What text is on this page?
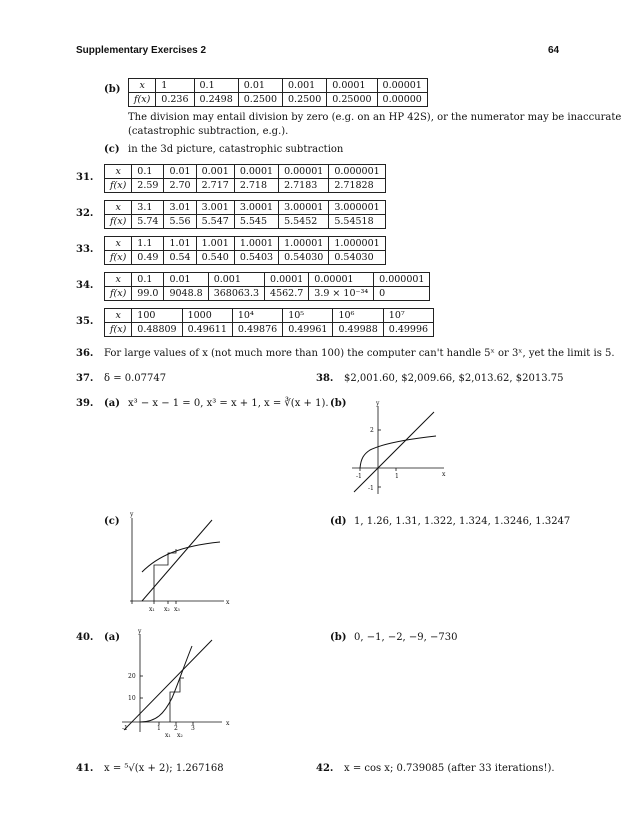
Supplementary Exercises 2	64
(b) x	1	0.1	0.01	0.001	0.0001	0.00001
f(x)	0.236	0.2498	0.2500	0.2500	0.25000	0.00000
The division may entail division by zero (e.g. on an HP 42S), or the numerator may be inaccurate
(catastrophic subtraction, e.g.).
(c) in the 3d picture, catastrophic subtraction
31.
x	0.1	0.01	0.001	0.0001	0.00001	0.000001
f(x)	2.59	2.70	2.717	2.718	2.7183	2.71828
32.
x	3.1	3.01	3.001	3.0001	3.00001	3.000001
f(x)	5.74	5.56	5.547	5.545	5.5452	5.54518
33.
x	1.1	1.01	1.001	1.0001	1.00001	1.000001
f(x)	0.49	0.54	0.540	0.5403	0.54030	0.54030
34.
x	0.1	0.01	0.001	0.0001	0.00001	0.000001
f(x)	99.0	9048.8	368063.3	4562.7	3.9 × 10⁻³⁴	0
35.
x	100	1000	10⁴	10⁵	10⁶	10⁷
f(x)	0.48809	0.49611	0.49876	0.49961	0.49988	0.49996
36. For large values of x (not much more than 100) the computer can't handle 5ˣ or 3ˣ, yet the limit is 5.
37. δ = 0.07747	38. $2,001.60, $2,009.66, $2,013.62, $2013.75
39. (a) x³ − x − 1 = 0, x³ = x + 1, x = ∛(x + 1). (b)	y
x
2
-1	1
-1
(c)
y
x
x₁ x₂ x₃
(d) 1, 1.26, 1.31, 1.322, 1.324, 1.3246, 1.3247
40. (a)
y
x
20
10
-1	1 2 3
x₁ x₂
(b) 0, −1, −2, −9, −730
41. x = ⁵√(x + 2); 1.267168	42. x = cos x; 0.739085 (after 33 iterations!).
